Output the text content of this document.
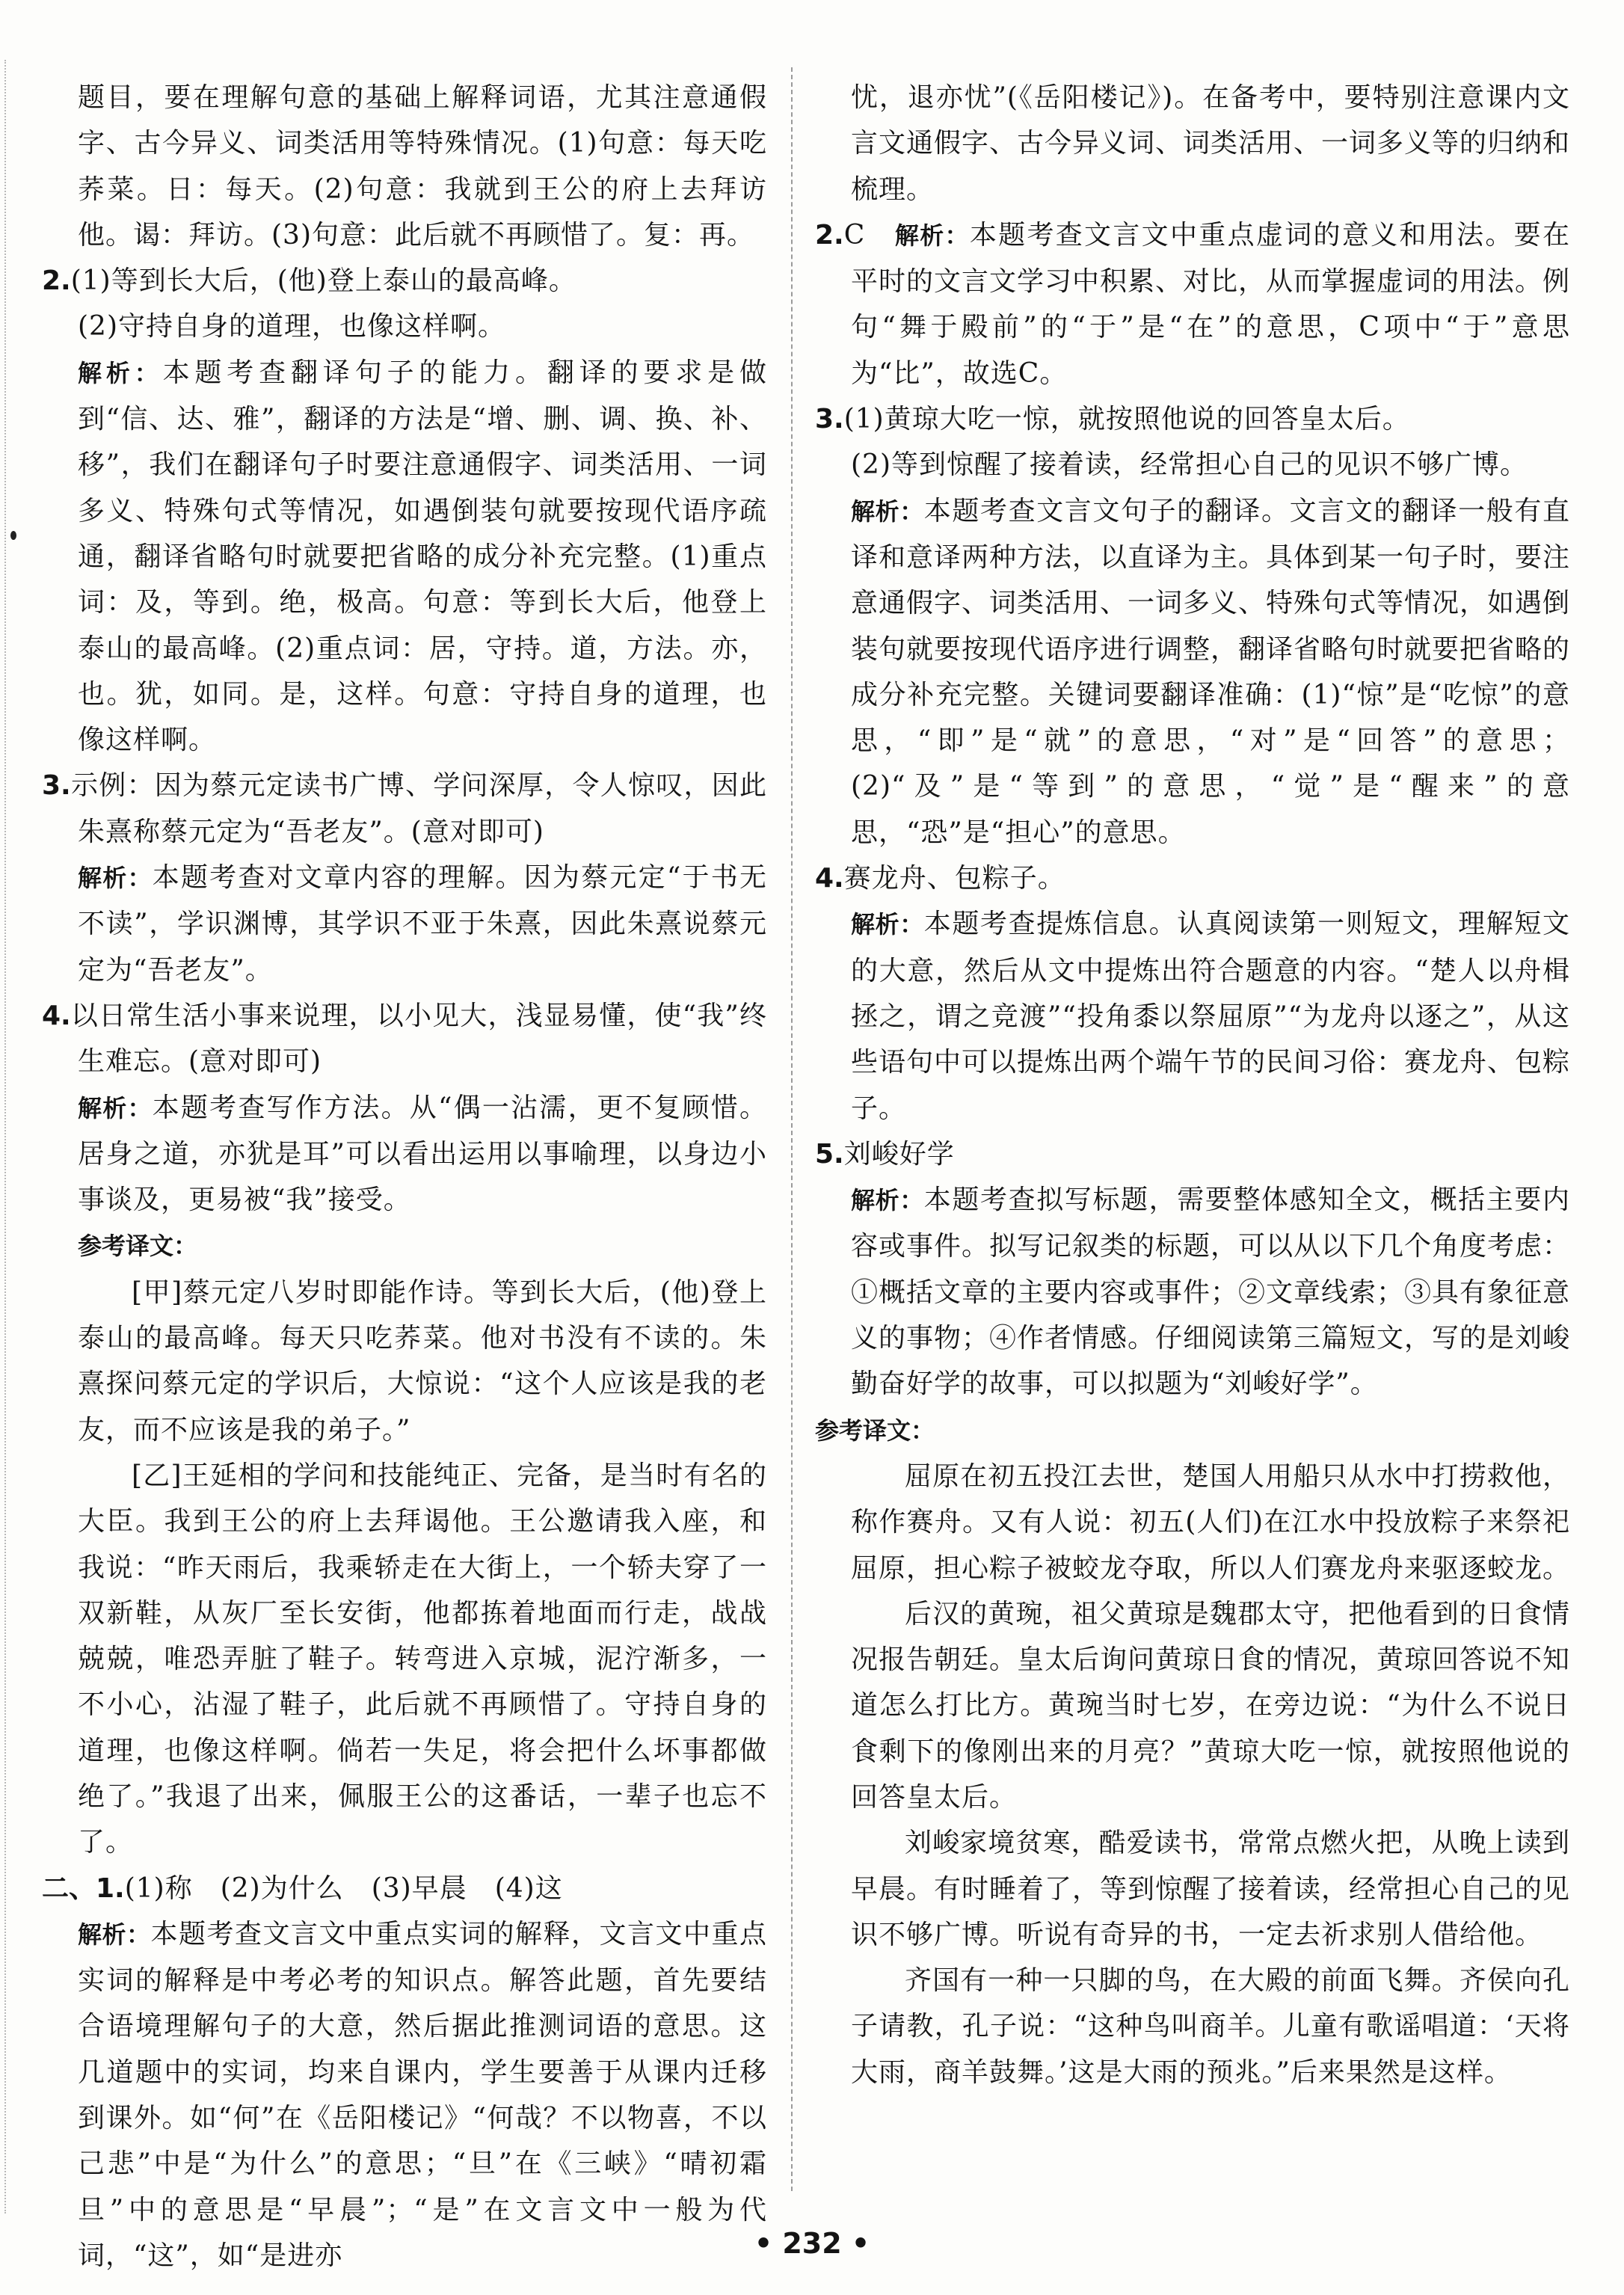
题目，要在理解句意的基础上解释词语，尤其注意通假字、古今异义、词类活用等特殊情况。(1)句意：每天吃荞菜。日：每天。(2)句意：我就到王公的府上去拜访他。谒：拜访。(3)句意：此后就不再顾惜了。复：再。

2.(1)等到长大后，(他)登上泰山的最高峰。

(2)守持自身的道理，也像这样啊。

解析：本题考查翻译句子的能力。翻译的要求是做到“信、达、雅”，翻译的方法是“增、删、调、换、补、移”，我们在翻译句子时要注意通假字、词类活用、一词多义、特殊句式等情况，如遇倒装句就要按现代语序疏通，翻译省略句时就要把省略的成分补充完整。(1)重点词：及，等到。绝，极高。句意：等到长大后，他登上泰山的最高峰。(2)重点词：居，守持。道，方法。亦，也。犹，如同。是，这样。句意：守持自身的道理，也像这样啊。

3.示例：因为蔡元定读书广博、学问深厚，令人惊叹，因此朱熹称蔡元定为“吾老友”。(意对即可)

解析：本题考查对文章内容的理解。因为蔡元定“于书无不读”，学识渊博，其学识不亚于朱熹，因此朱熹说蔡元定为“吾老友”。

4.以日常生活小事来说理，以小见大，浅显易懂，使“我”终生难忘。(意对即可)

解析：本题考查写作方法。从“偶一沾濡，更不复顾惜。居身之道，亦犹是耳”可以看出运用以事喻理，以身边小事谈及，更易被“我”接受。

参考译文：

[甲]蔡元定八岁时即能作诗。等到长大后，(他)登上泰山的最高峰。每天只吃荞菜。他对书没有不读的。朱熹探问蔡元定的学识后，大惊说：“这个人应该是我的老友，而不应该是我的弟子。”

[乙]王延相的学问和技能纯正、完备，是当时有名的大臣。我到王公的府上去拜谒他。王公邀请我入座，和我说：“昨天雨后，我乘轿走在大街上，一个轿夫穿了一双新鞋，从灰厂至长安街，他都拣着地面而行走，战战兢兢，唯恐弄脏了鞋子。转弯进入京城，泥泞渐多，一不小心，沾湿了鞋子，此后就不再顾惜了。守持自身的道理，也像这样啊。倘若一失足，将会把什么坏事都做绝了。”我退了出来，佩服王公的这番话，一辈子也忘不了。

二、1.(1)称　(2)为什么　(3)早晨　(4)这

解析：本题考查文言文中重点实词的解释，文言文中重点实词的解释是中考必考的知识点。解答此题，首先要结合语境理解句子的大意，然后据此推测词语的意思。这几道题中的实词，均来自课内，学生要善于从课内迁移到课外。如“何”在《岳阳楼记》“何哉？不以物喜，不以己悲”中是“为什么”的意思；“旦”在《三峡》“晴初霜旦”中的意思是“早晨”；“是”在文言文中一般为代词，“这”，如“是进亦

忧，退亦忧”(《岳阳楼记》)。在备考中，要特别注意课内文言文通假字、古今异义词、词类活用、一词多义等的归纳和梳理。

2.C　 解析：本题考查文言文中重点虚词的意义和用法。要在平时的文言文学习中积累、对比，从而掌握虚词的用法。例句“舞于殿前”的“于”是“在”的意思，C项中“于”意思为“比”，故选C。

3.(1)黄琼大吃一惊，就按照他说的回答皇太后。

(2)等到惊醒了接着读，经常担心自己的见识不够广博。

解析：本题考查文言文句子的翻译。文言文的翻译一般有直译和意译两种方法，以直译为主。具体到某一句子时，要注意通假字、词类活用、一词多义、特殊句式等情况，如遇倒装句就要按现代语序进行调整，翻译省略句时就要把省略的成分补充完整。关键词要翻译准确：(1)“惊”是“吃惊”的意思，“即”是“就”的意思，“对”是“回答”的意思；(2)“及”是“等到”的意思，“觉”是“醒来”的意思，“恐”是“担心”的意思。

4.赛龙舟、包粽子。

解析：本题考查提炼信息。认真阅读第一则短文，理解短文的大意，然后从文中提炼出符合题意的内容。“楚人以舟楫拯之，谓之竞渡”“投角黍以祭屈原”“为龙舟以逐之”，从这些语句中可以提炼出两个端午节的民间习俗：赛龙舟、包粽子。

5.刘峻好学

解析：本题考查拟写标题，需要整体感知全文，概括主要内容或事件。拟写记叙类的标题，可以从以下几个角度考虑：①概括文章的主要内容或事件；②文章线索；③具有象征意义的事物；④作者情感。仔细阅读第三篇短文，写的是刘峻勤奋好学的故事，可以拟题为“刘峻好学”。

参考译文：

屈原在初五投江去世，楚国人用船只从水中打捞救他，称作赛舟。又有人说：初五(人们)在江水中投放粽子来祭祀屈原，担心粽子被蛟龙夺取，所以人们赛龙舟来驱逐蛟龙。

后汉的黄琬，祖父黄琼是魏郡太守，把他看到的日食情况报告朝廷。皇太后询问黄琼日食的情况，黄琼回答说不知道怎么打比方。黄琬当时七岁，在旁边说：“为什么不说日食剩下的像刚出来的月亮？”黄琼大吃一惊，就按照他说的回答皇太后。

刘峻家境贫寒，酷爱读书，常常点燃火把，从晚上读到早晨。有时睡着了，等到惊醒了接着读，经常担心自己的见识不够广博。听说有奇异的书，一定去祈求别人借给他。

齐国有一种一只脚的鸟，在大殿的前面飞舞。齐侯向孔子请教，孔子说：“这种鸟叫商羊。儿童有歌谣唱道：‘天将大雨，商羊鼓舞。’这是大雨的预兆。”后来果然是这样。

• 232 •
